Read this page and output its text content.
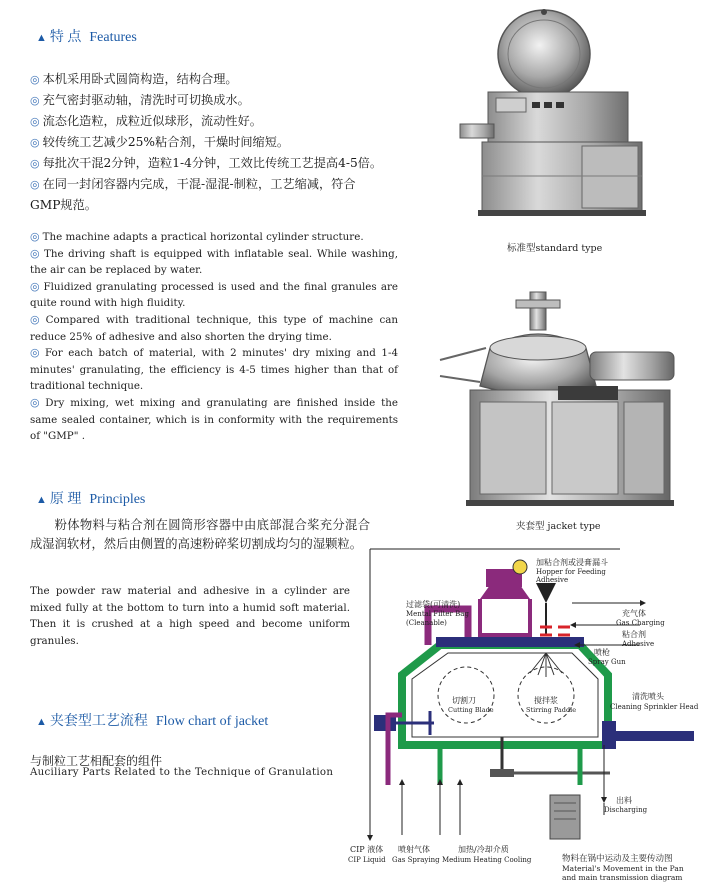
▲ 特 点 Features
◎ 本机采用卧式圆筒构造，结构合理。
◎ 充气密封驱动轴，清洗时可切换成水。
◎ 流态化造粒，成粒近似球形，流动性好。
◎ 较传统工艺减少25%粘合剂，干燥时间缩短。
◎ 每批次干混2分钟，造粒1-4分钟，工效比传统工艺提高4-5倍。
◎ 在同一封闭容器内完成，干混-湿混-制粒，工艺缩减，符合
GMP规范。
◎ The machine adapts a practical horizontal cylinder structure.
◎ The driving shaft is equipped with inflatable seal. While washing, the air can be replaced by water.
◎ Fluidized granulating processed is used and the final granules are quite round with high fluidity.
◎ Compared with traditional technique, this type of machine can reduce 25% of adhesive and also shorten the drying time.
◎ For each batch of material, with 2 minutes' dry mixing and 1-4 minutes' granulating, the efficiency is 4-5 times higher than that of traditional technique.
◎ Dry mixing, wet mixing and granulating are finished inside the same sealed container, which is in conformity with the requirements of "GMP" .
标准型standard type
夹套型 jacket type
▲ 原 理 Principles
粉体物料与粘合剂在圆筒形容器中由底部混合桨充分混合成湿润软材，然后由侧置的高速粉碎桨切割成均匀的湿颗粒。
The powder raw material and adhesive in a cylinder are mixed fully at the bottom to turn into a humid soft material. Then it is crushed at a high speed and become uniform granules.
▲ 夹套型工艺流程 Flow chart of jacket
与制粒工艺相配套的组件
Auciliary Parts Related to the Technique of Granulation
加粘合剂或浸膏漏斗
Hopper for Feeding
Adhesive
过滤袋(可清洗)
Mental Filter Bag
(Cleanable)
充气体
Gas Charging
粘合剂
Adhesive
喷枪
Spray Gun
切割刀
Cutting Blade
搅拌浆
Stirring Paddle
清洗喷头
Cleaning Sprinkler Head
出料
Discharging
CIP 液体
CIP Liquid
喷射气体
Gas Spraying
加热/冷却介质
Medium Heating Cooling	物料在锅中运动及主要传动图
Material's Movement in the Pan
and main transmission diagram
